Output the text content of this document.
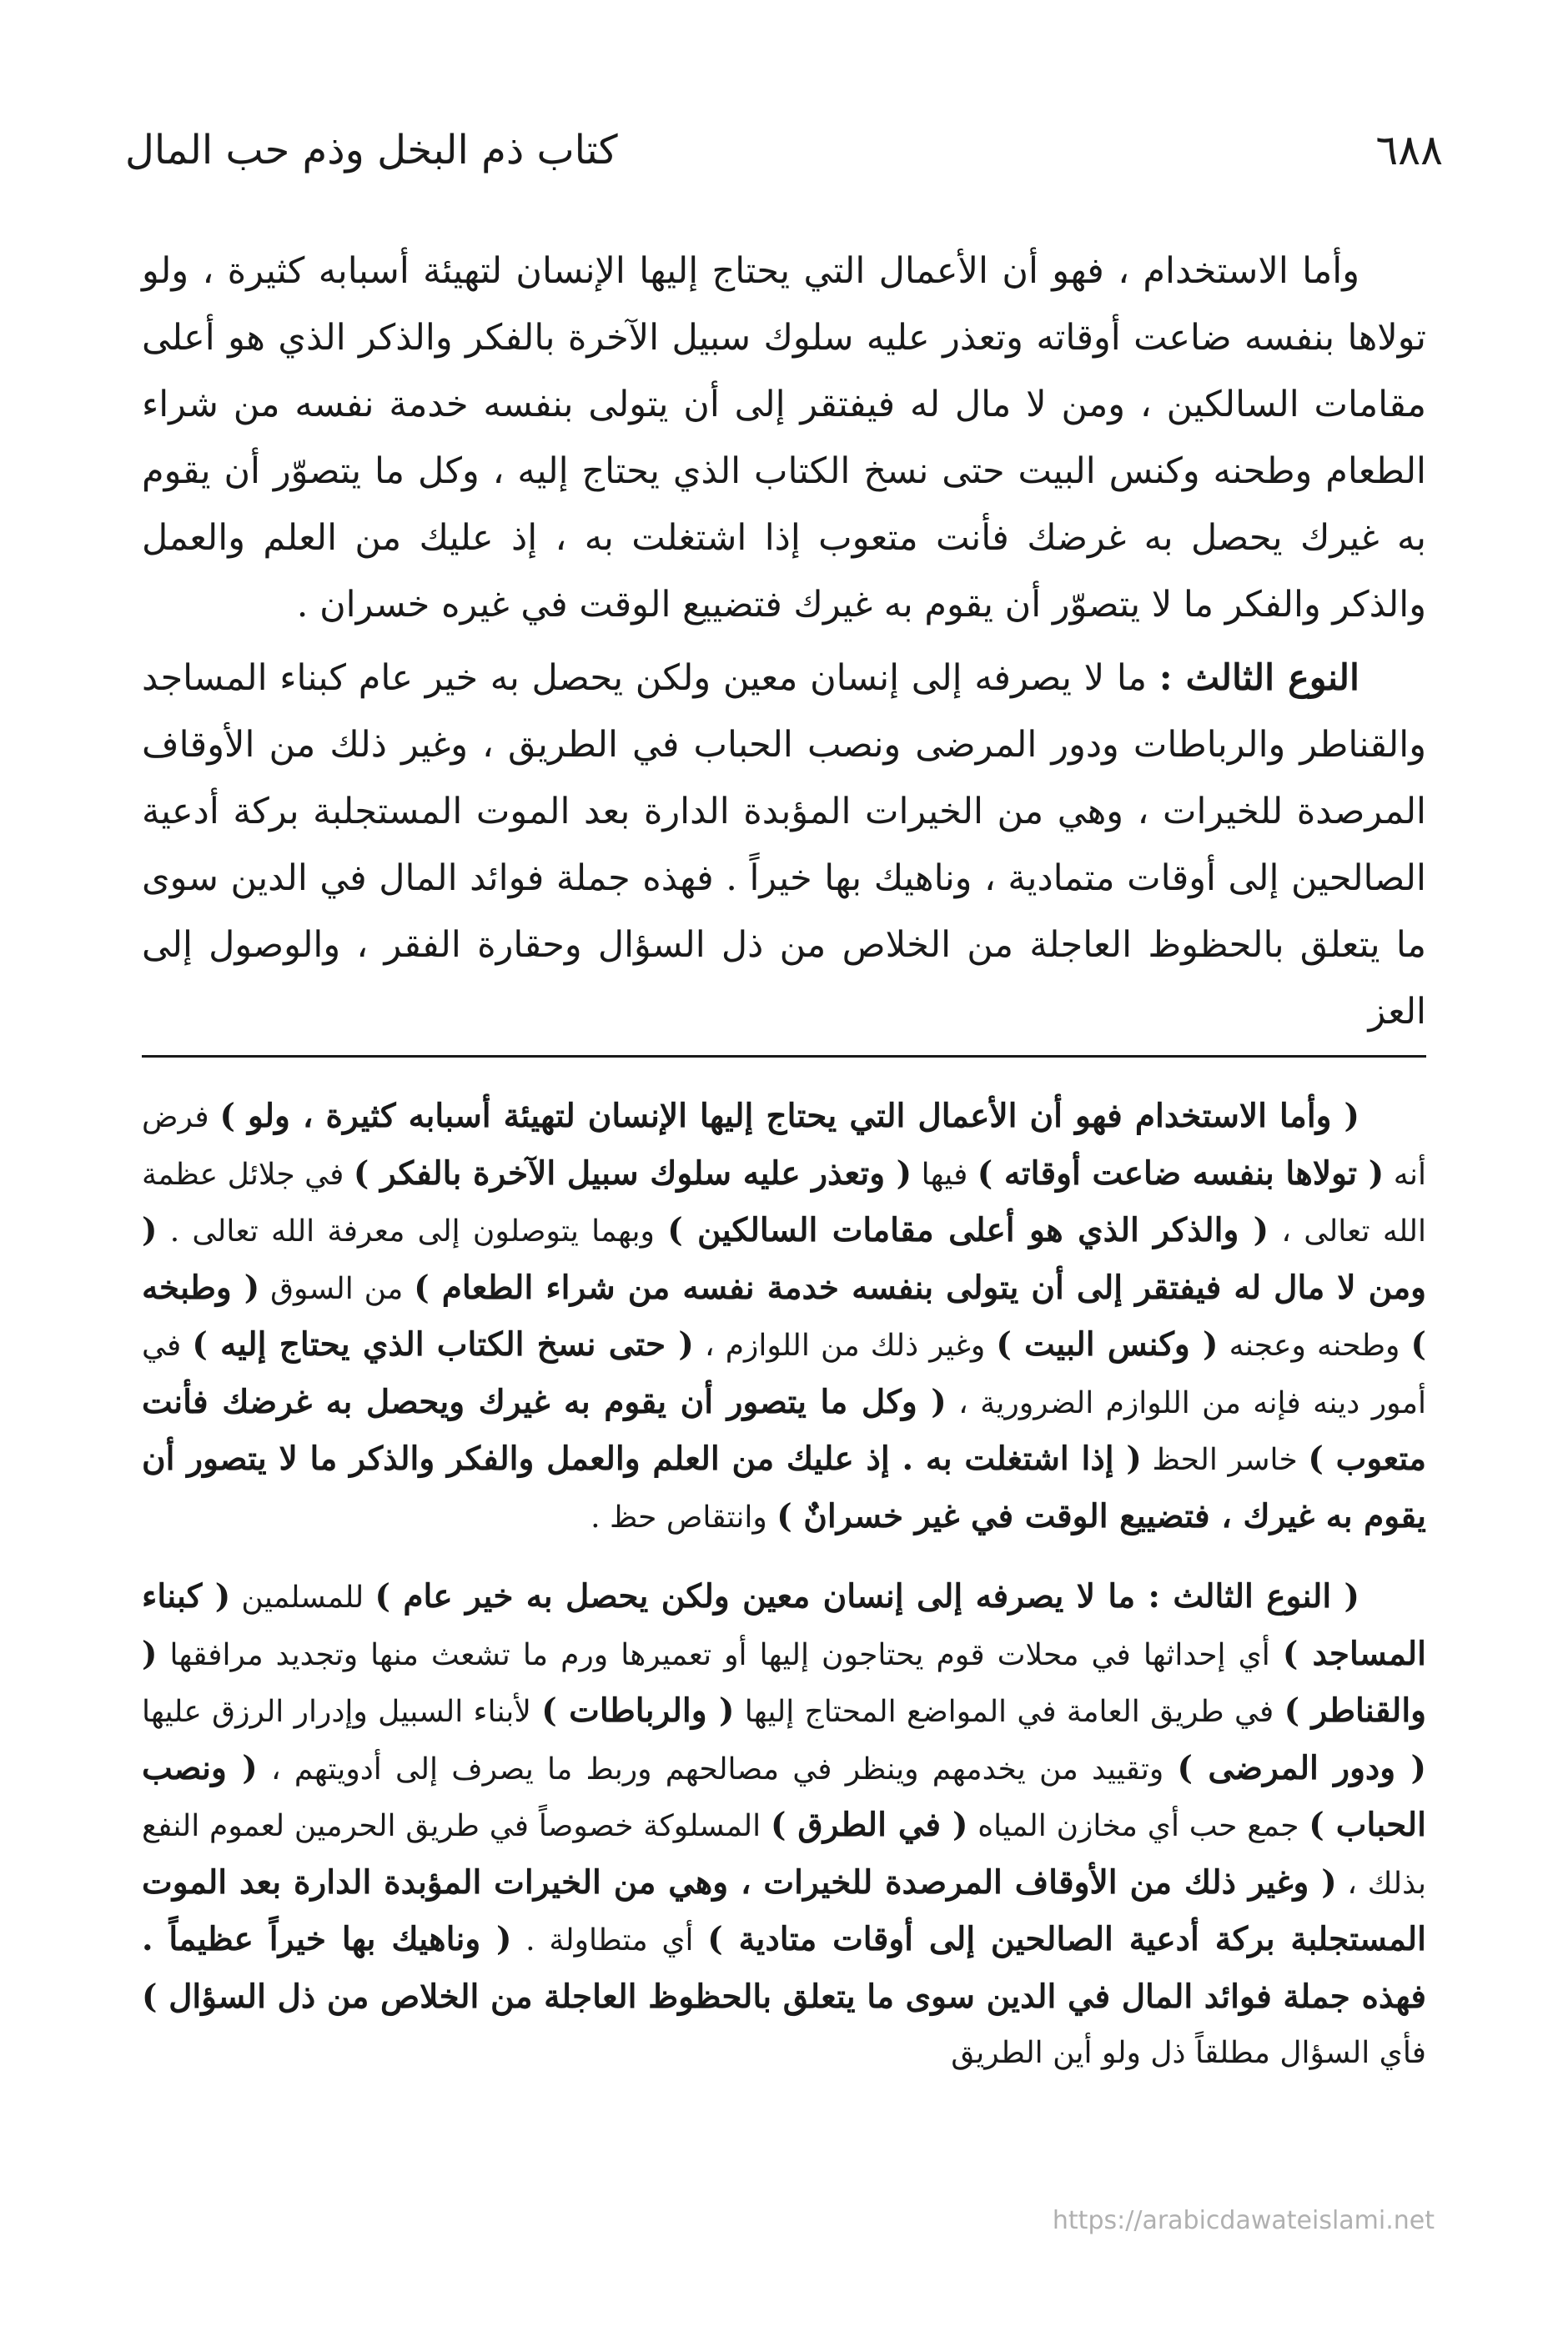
٦٨٨
كتاب ذم البخل وذم حب المال

وأما الاستخدام ، فهو أن الأعمال التي يحتاج إليها الإنسان لتهيئة أسبابه كثيرة ، ولو تولاها بنفسه ضاعت أوقاته وتعذر عليه سلوك سبيل الآخرة بالفكر والذكر الذي هو أعلى مقامات السالكين ، ومن لا مال له فيفتقر إلى أن يتولى بنفسه خدمة نفسه من شراء الطعام وطحنه وكنس البيت حتى نسخ الكتاب الذي يحتاج إليه ، وكل ما يتصوّر أن يقوم به غيرك يحصل به غرضك فأنت متعوب إذا اشتغلت به ، إذ عليك من العلم والعمل والذكر والفكر ما لا يتصوّر أن يقوم به غيرك فتضييع الوقت في غيره خسران .

النوع الثالث : ما لا يصرفه إلى إنسان معين ولكن يحصل به خير عام كبناء المساجد والقناطر والرباطات ودور المرضى ونصب الحباب في الطريق ، وغير ذلك من الأوقاف المرصدة للخيرات ، وهي من الخيرات المؤبدة الدارة بعد الموت المستجلبة بركة أدعية الصالحين إلى أوقات متمادية ، وناهيك بها خيراً . فهذه جملة فوائد المال في الدين سوى ما يتعلق بالحظوظ العاجلة من الخلاص من ذل السؤال وحقارة الفقر ، والوصول إلى العز

( وأما الاستخدام فهو أن الأعمال التي يحتاج إليها الإنسان لتهيئة أسبابه كثيرة ، ولو ) فرض أنه ( تولاها بنفسه ضاعت أوقاته ) فيها ( وتعذر عليه سلوك سبيل الآخرة بالفكر ) في جلائل عظمة الله تعالى ، ( والذكر الذي هو أعلى مقامات السالكين ) وبهما يتوصلون إلى معرفة الله تعالى . ( ومن لا مال له فيفتقر إلى أن يتولى بنفسه خدمة نفسه من شراء الطعام ) من السوق ( وطبخه ) وطحنه وعجنه ( وكنس البيت ) وغير ذلك من اللوازم ، ( حتى نسخ الكتاب الذي يحتاج إليه ) في أمور دينه فإنه من اللوازم الضرورية ، ( وكل ما يتصور أن يقوم به غيرك ويحصل به غرضك فأنت متعوب ) خاسر الحظ ( إذا اشتغلت به . إذ عليك من العلم والعمل والفكر والذكر ما لا يتصور أن يقوم به غيرك ، فتضييع الوقت في غير خسرانٌ ) وانتقاص حظ .

( النوع الثالث : ما لا يصرفه إلى إنسان معين ولكن يحصل به خير عام ) للمسلمين ( كبناء المساجد ) أي إحداثها في محلات قوم يحتاجون إليها أو تعميرها ورم ما تشعث منها وتجديد مرافقها ( والقناطر ) في طريق العامة في المواضع المحتاج إليها ( والرباطات ) لأبناء السبيل وإدرار الرزق عليها ( ودور المرضى ) وتقييد من يخدمهم وينظر في مصالحهم وربط ما يصرف إلى أدويتهم ، ( ونصب الحباب ) جمع حب أي مخازن المياه ( في الطرق ) المسلوكة خصوصاً في طريق الحرمين لعموم النفع بذلك ، ( وغير ذلك من الأوقاف المرصدة للخيرات ، وهي من الخيرات المؤبدة الدارة بعد الموت المستجلبة بركة أدعية الصالحين إلى أوقات متادية ) أي متطاولة . ( وناهيك بها خيراً عظيماً . فهذه جملة فوائد المال في الدين سوى ما يتعلق بالحظوظ العاجلة من الخلاص من ذل السؤال ) فأي السؤال مطلقاً ذل ولو أين الطريق

https://arabicdawateislami.net
